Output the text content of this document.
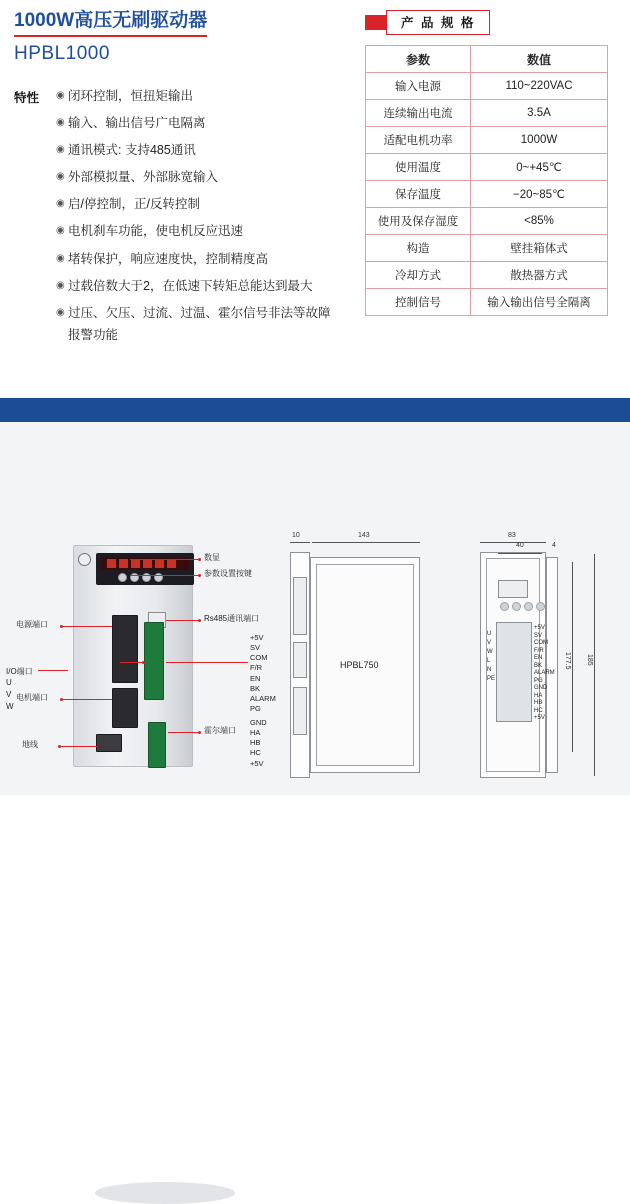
1000W高压无刷驱动器
HPBL1000
特性	◉ 闭环控制，恒扭矩输出
◉ 输入、输出信号广电隔离
◉ 通讯模式: 支持485通讯
◉ 外部模拟量、外部脉宽输入
◉ 启/停控制，正/反转控制
◉ 电机刹车功能，使电机反应迅速
◉ 堵转保护，响应速度快，控制精度高
◉ 过载倍数大于2，在低速下转矩总能达到最大
◉ 过压、欠压、过流、过温、霍尔信号非法等故障
报警功能
产 品 规 格
参数	数值
输入电源	110~220VAC
连续输出电流	3.5A
适配电机功率	1000W
使用温度	0~+45℃
保存温度	−20~85℃
使用及保存湿度	<85%
构造	壁挂箱体式
冷却方式	散热器方式
控制信号	输入输出信号全隔离
数显
参数设置按键
Rs485通讯端口
电源端口
I/O端口
电机端口
U
V
W
地线
霍尔端口
+5V
SV
COM
F/R
EN
BK
ALARM
PG
GND
HA
HB
HC
+5V
HPBL750
10	143	83
40	4
177.5 185
U
V
W
L
N
PE
+5V
SV
COM
F/R
EN
BK
ALARM
PG
GND
HA
HB
HC
+5V
